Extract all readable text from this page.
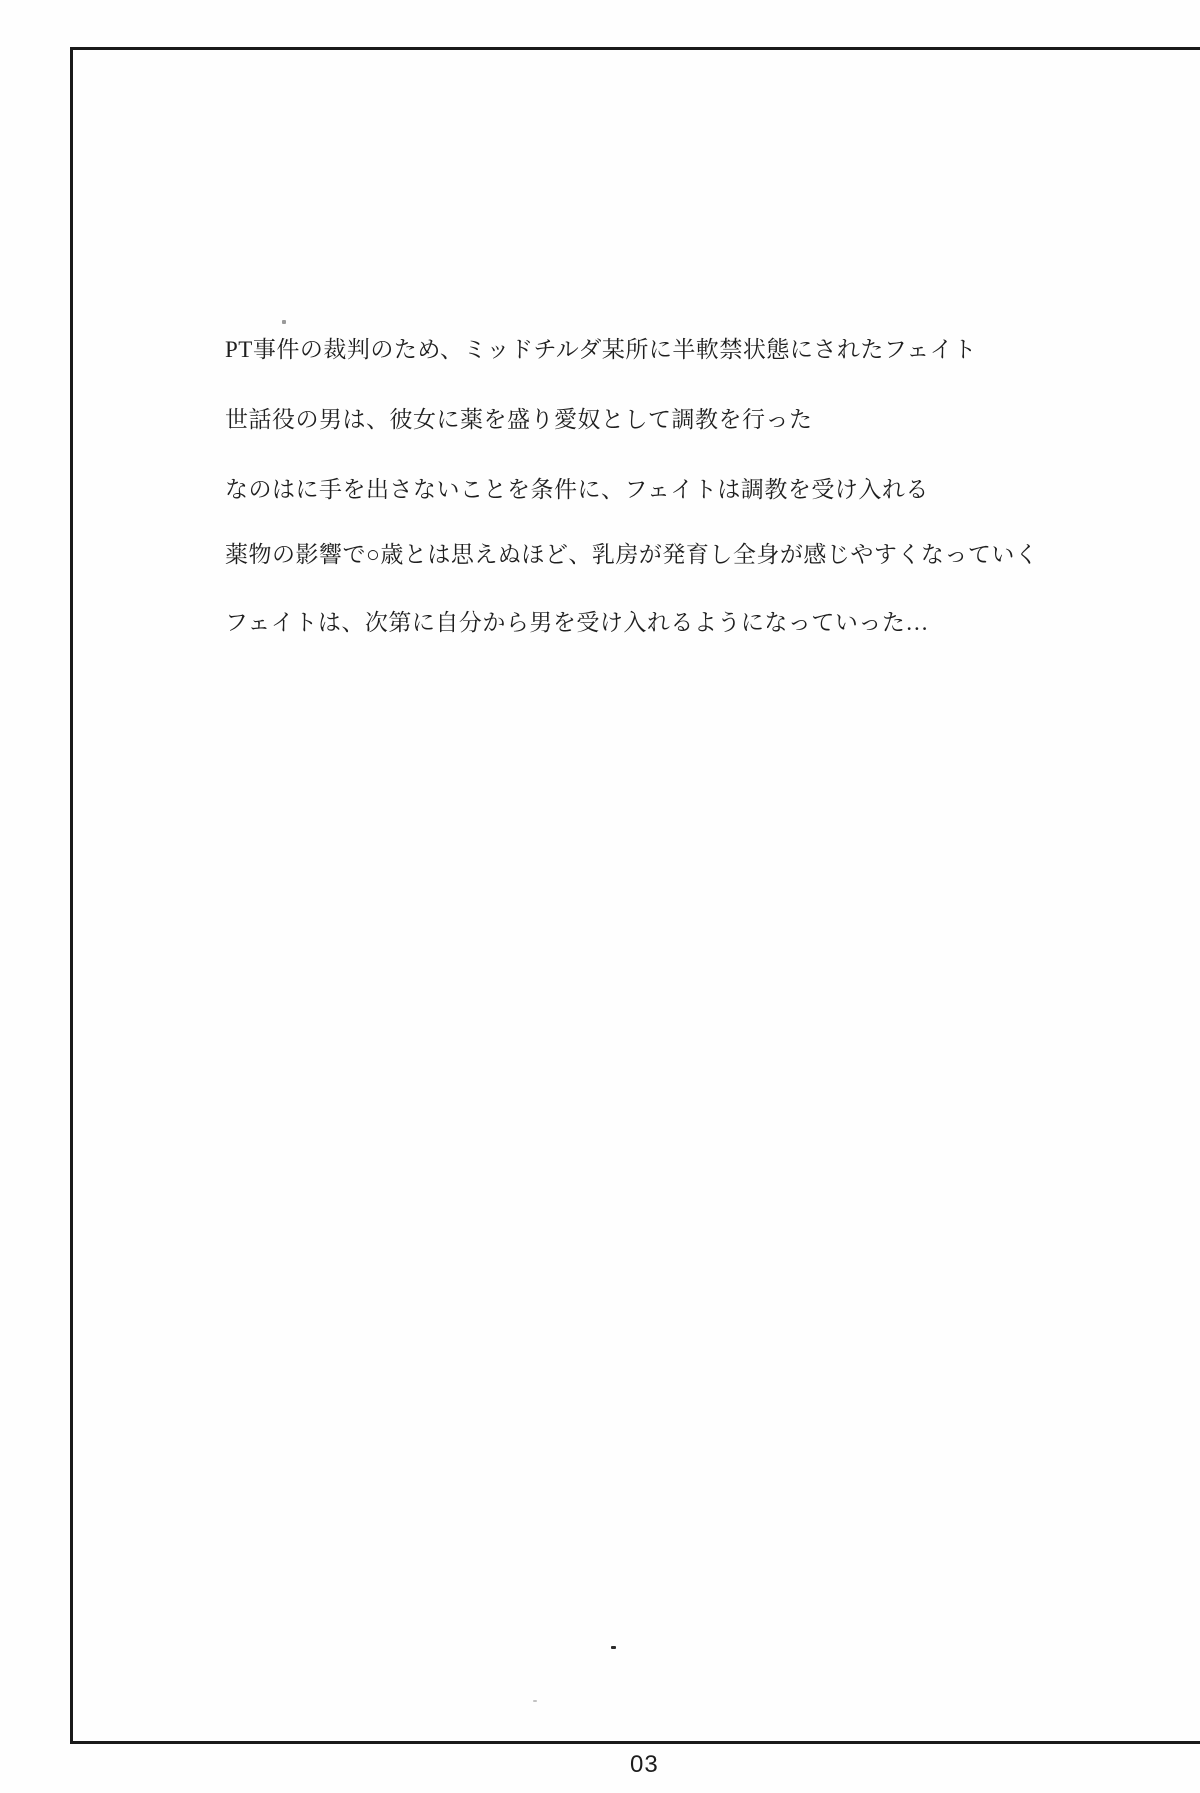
PT事件の裁判のため、ミッドチルダ某所に半軟禁状態にされたフェイト
世話役の男は、彼女に薬を盛り愛奴として調教を行った
なのはに手を出さないことを条件に、フェイトは調教を受け入れる
薬物の影響で○歳とは思えぬほど、乳房が発育し全身が感じやすくなっていく
フェイトは、次第に自分から男を受け入れるようになっていった…
03
